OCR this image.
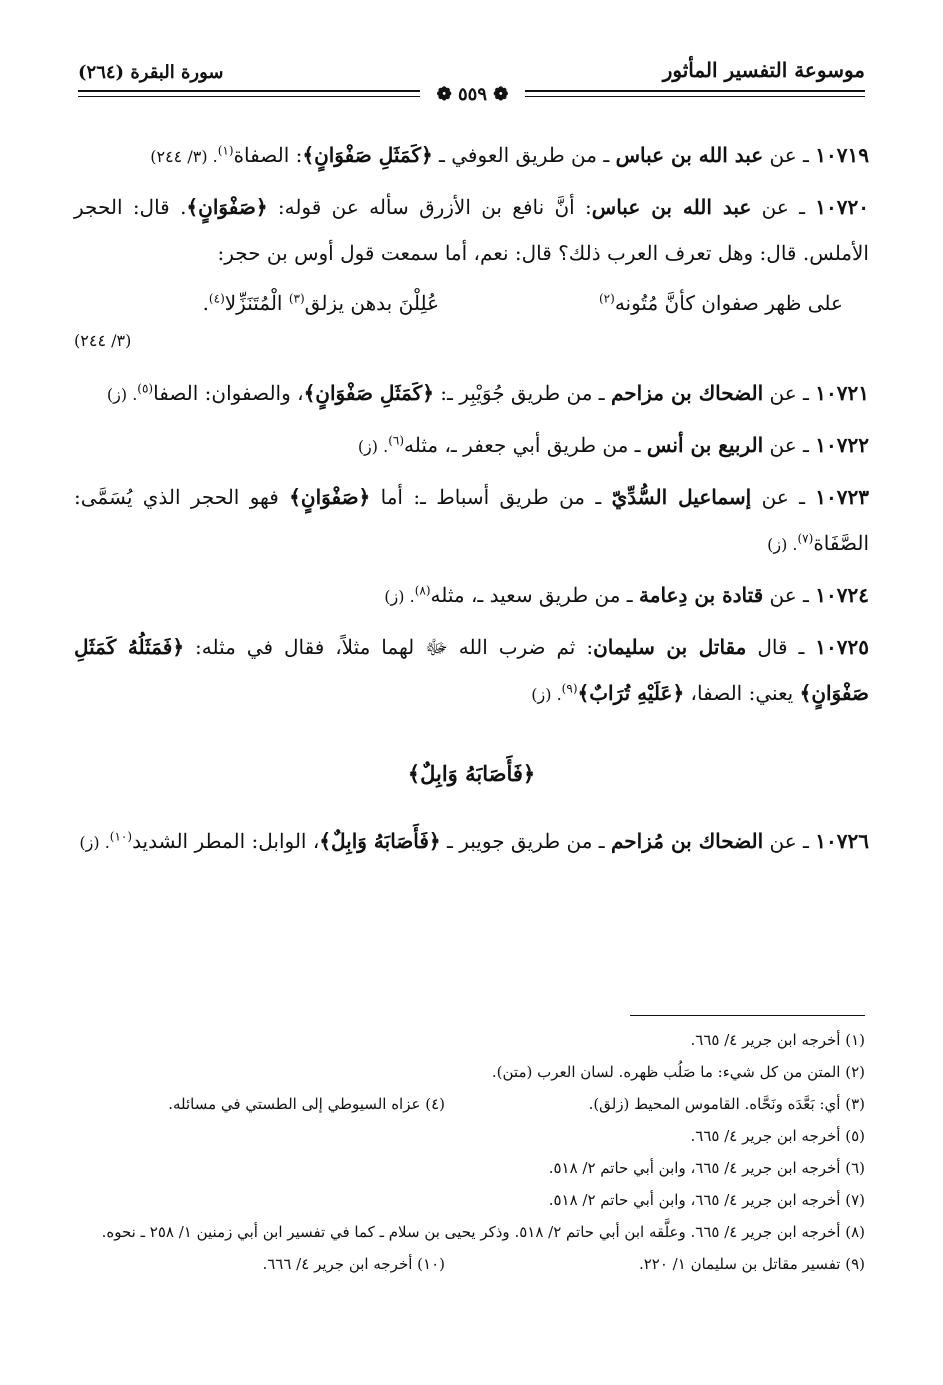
موسوعة التفسير المأثور
سورة البقرة (٢٦٤)
❁ ٥٥٩ ❁

١٠٧١٩ ـ عن عبد الله بن عباس ـ من طريق العوفي ـ ﴿كَمَثَلِ صَفْوَانٍ﴾: الصفاة$^{(١)}$. (٣/ ٢٤٤)

١٠٧٢٠ ـ عن عبد الله بن عباس: أنَّ نافع بن الأزرق سأله عن قوله: ﴿صَفْوَانٍ﴾. قال: الحجر الأملس. قال: وهل تعرف العرب ذلك؟ قال: نعم، أما سمعت قول أوس بن حجر:

على ظهر صفوان كأنَّ مُتُونه$^{(٢)}$
عُلِلْنَ بدهن يزلق$^{(٣)}$ الْمُتَنَزِّلا$^{(٤)}$.
(٣/ ٢٤٤)

١٠٧٢١ ـ عن الضحاك بن مزاحم ـ من طريق جُوَيْبِر ـ: ﴿كَمَثَلِ صَفْوَانٍ﴾، والصفوان: الصفا$^{(٥)}$. (ز)

١٠٧٢٢ ـ عن الربيع بن أنس ـ من طريق أبي جعفر ـ، مثله$^{(٦)}$. (ز)

١٠٧٢٣ ـ عن إسماعيل السُّدِّيّ ـ من طريق أسباط ـ: أما ﴿صَفْوَانٍ﴾ فهو الحجر الذي يُسَمَّى: الصَّفَاة$^{(٧)}$. (ز)

١٠٧٢٤ ـ عن قتادة بن دِعامة ـ من طريق سعيد ـ، مثله$^{(٨)}$. (ز)

١٠٧٢٥ ـ قال مقاتل بن سليمان: ثم ضرب الله ﷻ لهما مثلاً، فقال في مثله: ﴿فَمَثَلُهُ كَمَثَلِ صَفْوَانٍ﴾ يعني: الصفا، ﴿عَلَيْهِ تُرَابٌ﴾$^{(٩)}$. (ز)

﴿فَأَصَابَهُ وَابِلٌ﴾

١٠٧٢٦ ـ عن الضحاك بن مُزاحم ـ من طريق جويبر ـ ﴿فَأَصَابَهُ وَابِلٌ﴾، الوابل: المطر الشديد$^{(١٠)}$. (ز)

(١) أخرجه ابن جرير ٤/ ٦٦٥.
(٢) المتن من كل شيء: ما صَلُب ظهره. لسان العرب (متن).
(٣) أي: بَعَّدَه ونَحَّاه. القاموس المحيط (زلق).
(٤) عزاه السيوطي إلى الطستي في مسائله.
(٥) أخرجه ابن جرير ٤/ ٦٦٥.
(٦) أخرجه ابن جرير ٤/ ٦٦٥، وابن أبي حاتم ٢/ ٥١٨.
(٧) أخرجه ابن جرير ٤/ ٦٦٥، وابن أبي حاتم ٢/ ٥١٨.
(٨) أخرجه ابن جرير ٤/ ٦٦٥. وعلَّقه ابن أبي حاتم ٢/ ٥١٨. وذكر يحيى بن سلام ـ كما في تفسير ابن أبي زمنين ١/ ٢٥٨ ـ نحوه.
(٩) تفسير مقاتل بن سليمان ١/ ٢٢٠.
(١٠) أخرجه ابن جرير ٤/ ٦٦٦.
